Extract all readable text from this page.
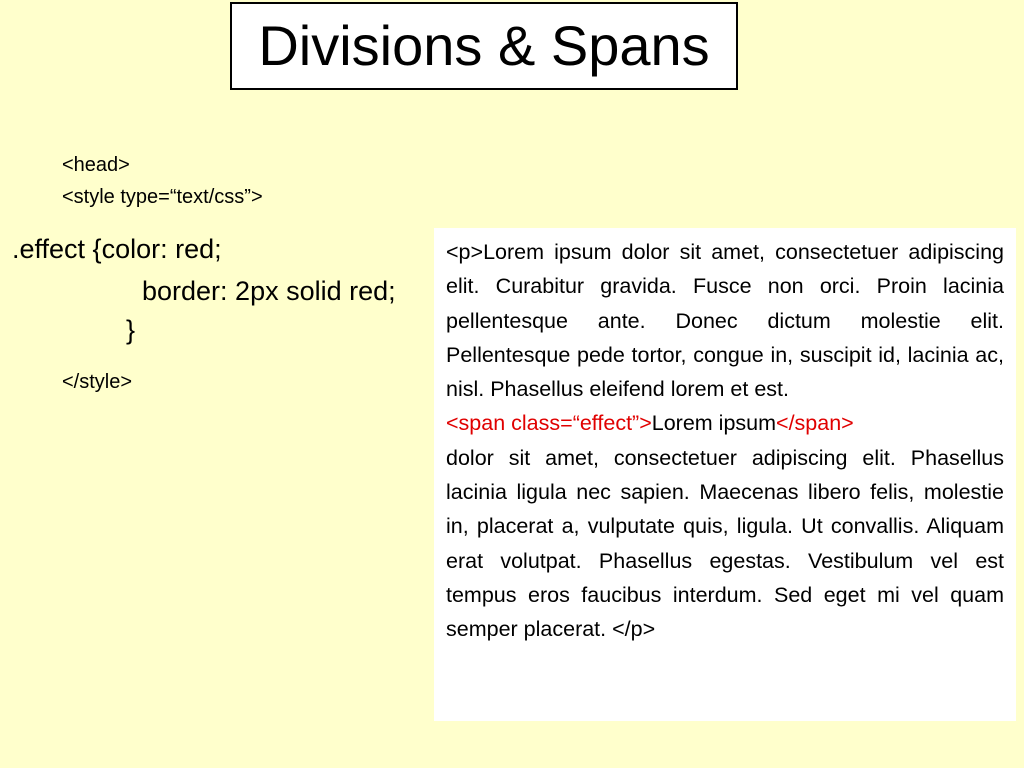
Divisions & Spans
<head>
<style type=“text/css”>
.effect {color: red;
border: 2px solid red;
}
</style>
<p>Lorem ipsum dolor sit amet, consectetuer adipiscing elit. Curabitur gravida. Fusce non orci. Proin lacinia pellentesque ante. Donec dictum molestie elit. Pellentesque pede tortor, congue in, suscipit id, lacinia ac, nisl. Phasellus eleifend lorem et est.
<span class=“effect”>Lorem ipsum</span>
dolor sit amet, consectetuer adipiscing elit. Phasellus lacinia ligula nec sapien. Maecenas libero felis, molestie in, placerat a, vulputate quis, ligula. Ut convallis. Aliquam erat volutpat. Phasellus egestas. Vestibulum vel est tempus eros faucibus interdum. Sed eget mi vel quam semper placerat. </p>
